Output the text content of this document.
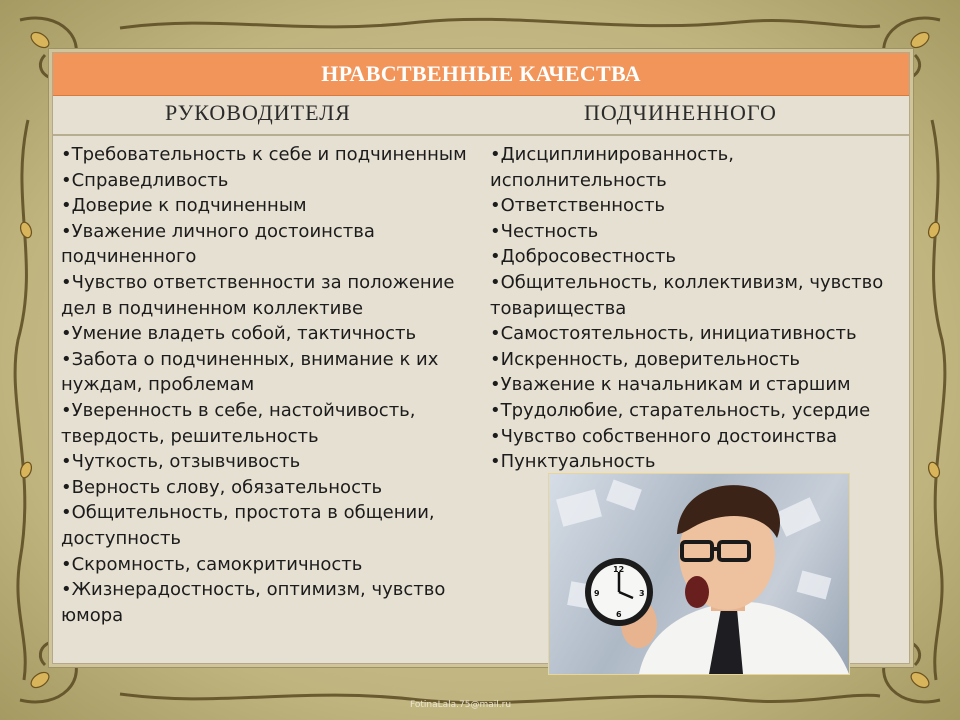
НРАВСТВЕННЫЕ КАЧЕСТВА
РУКОВОДИТЕЛЯ	ПОДЧИНЕННОГО
•Требовательность к себе и подчиненным
•Справедливость
•Доверие к подчиненным
•Уважение личного достоинства подчиненного
•Чувство ответственности за положение дел в подчиненном коллективе
•Умение владеть собой, тактичность
•Забота о подчиненных, внимание к их нуждам, проблемам
•Уверенность в себе, настойчивость, твердость, решительность
•Чуткость, отзывчивость
•Верность слову, обязательность
•Общительность, простота в общении, доступность
•Скромность, самокритичность
•Жизнерадостность, оптимизм, чувство юмора
•Дисциплинированность, исполнительность
•Ответственность
•Честность
•Добросовестность
•Общительность, коллективизм, чувство товарищества
•Самостоятельность, инициативность
•Искренность, доверительность
•Уважение к начальникам и старшим
•Трудолюбие, старательность, усердие
•Чувство собственного достоинства
•Пунктуальность
12
3
6
9
FotinaLala.75@mail.ru
